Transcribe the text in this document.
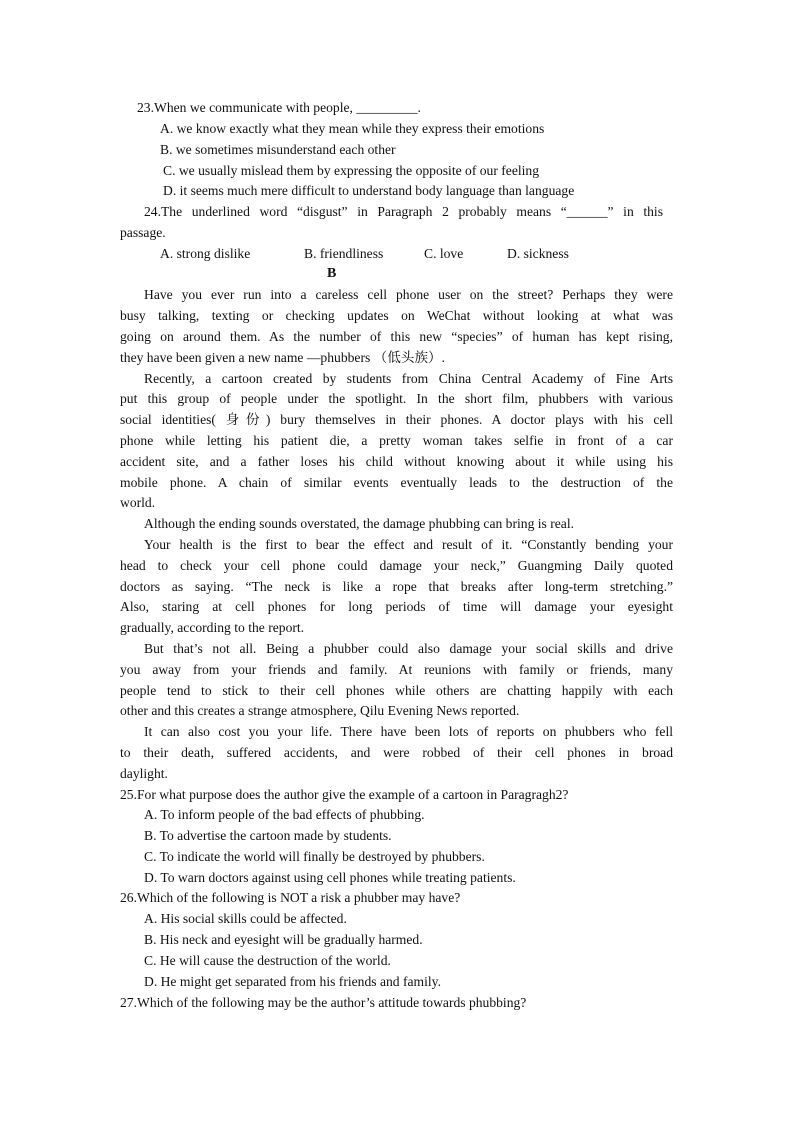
23.When we communicate with people, _________.
A. we know exactly what they mean while they express their emotions
B. we sometimes misunderstand each other
C. we usually mislead them by expressing the opposite of our feeling
D. it seems much mere difficult to understand body language than language
24.The underlined word “disgust” in Paragraph 2 probably means “______” in this
passage.
A. strong dislike	B. friendliness	C. love	D. sickness
B
Have you ever run into a careless cell phone user on the street? Perhaps they were
busy talking, texting or checking updates on WeChat without looking at what was
going on around them. As the number of this new “species” of human has kept rising,
they have been given a new name —phubbers （低头族）.
Recently, a cartoon created by students from China Central Academy of Fine Arts
put this group of people under the spotlight. In the short film, phubbers with various
social identities( 身份) bury themselves in their phones. A doctor plays with his cell
phone while letting his patient die, a pretty woman takes selfie in front of a car
accident site, and a father loses his child without knowing about it while using his
mobile phone. A chain of similar events eventually leads to the destruction of the
world.
Although the ending sounds overstated, the damage phubbing can bring is real.
Your health is the first to bear the effect and result of it. “Constantly bending your
head to check your cell phone could damage your neck,” Guangming Daily quoted
doctors as saying. “The neck is like a rope that breaks after long-term stretching.”
Also, staring at cell phones for long periods of time will damage your eyesight
gradually, according to the report.
But that’s not all. Being a phubber could also damage your social skills and drive
you away from your friends and family. At reunions with family or friends, many
people tend to stick to their cell phones while others are chatting happily with each
other and this creates a strange atmosphere, Qilu Evening News reported.
It can also cost you your life. There have been lots of reports on phubbers who fell
to their death, suffered accidents, and were robbed of their cell phones in broad
daylight.
25.For what purpose does the author give the example of a cartoon in Paragragh2?
A. To inform people of the bad effects of phubbing.
B. To advertise the cartoon made by students.
C. To indicate the world will finally be destroyed by phubbers.
D. To warn doctors against using cell phones while treating patients.
26.Which of the following is NOT a risk a phubber may have?
A. His social skills could be affected.
B. His neck and eyesight will be gradually harmed.
C. He will cause the destruction of the world.
D. He might get separated from his friends and family.
27.Which of the following may be the author’s attitude towards phubbing?
